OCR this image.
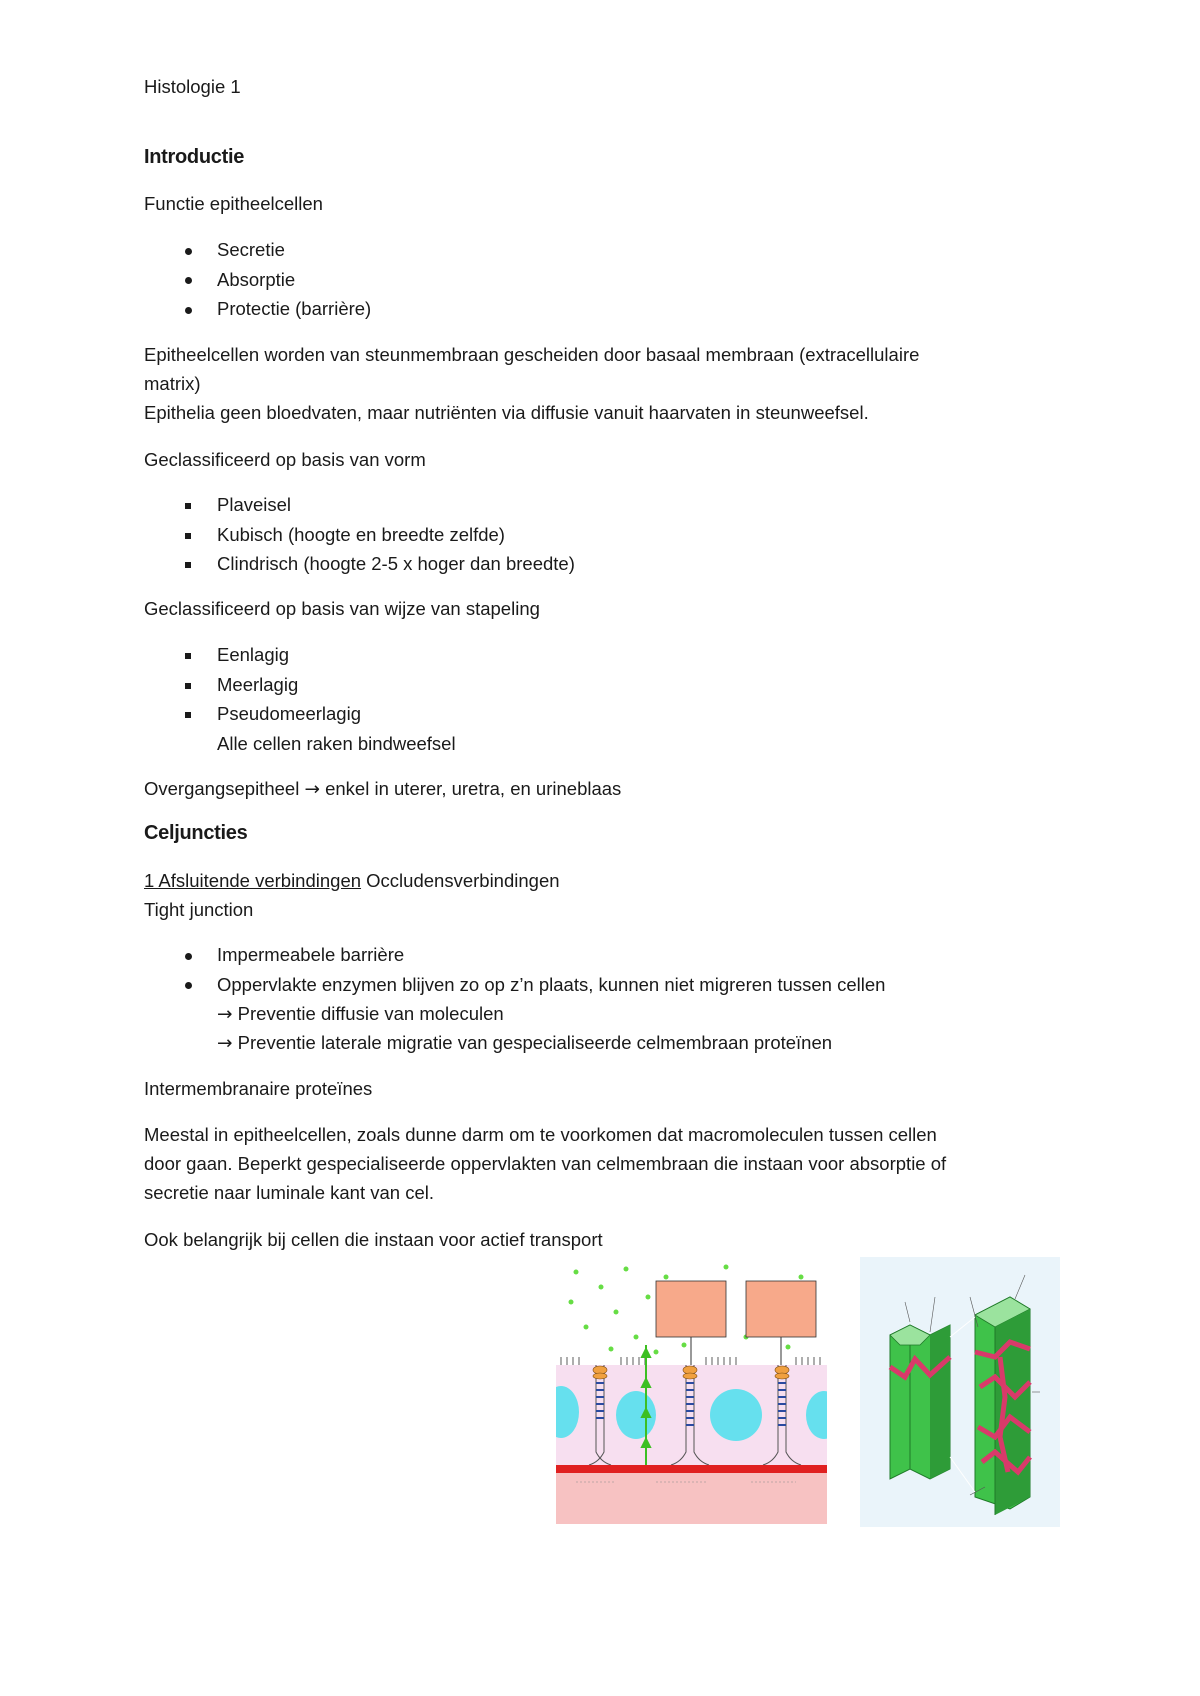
Histologie 1
Introductie
Functie epitheelcellen
Secretie
Absorptie
Protectie (barrière)
Epitheelcellen worden van steunmembraan gescheiden door basaal membraan (extracellulaire
matrix)
Epithelia geen bloedvaten, maar nutriënten via diffusie vanuit haarvaten in steunweefsel.
Geclassificeerd op basis van vorm
Plaveisel
Kubisch (hoogte en breedte zelfde)
Clindrisch (hoogte 2-5 x hoger dan breedte)
Geclassificeerd op basis van wijze van stapeling
Eenlagig
Meerlagig
Pseudomeerlagig
Alle cellen raken bindweefsel
Overgangsepitheel → enkel in uterer, uretra, en urineblaas
Celjuncties
1 Afsluitende verbindingen Occludensverbindingen
Tight junction
Impermeabele barrière
Oppervlakte enzymen blijven zo op z’n plaats, kunnen niet migreren tussen cellen
→ Preventie diffusie van moleculen
→ Preventie laterale migratie van gespecialiseerde celmembraan proteïnen
Intermembranaire proteïnes
Meestal in epitheelcellen, zoals dunne darm om te voorkomen dat macromoleculen tussen cellen
door gaan. Beperkt gespecialiseerde oppervlakten van celmembraan die instaan voor absorptie of
secretie naar luminale kant van cel.
Ook belangrijk bij cellen die instaan voor actief transport
